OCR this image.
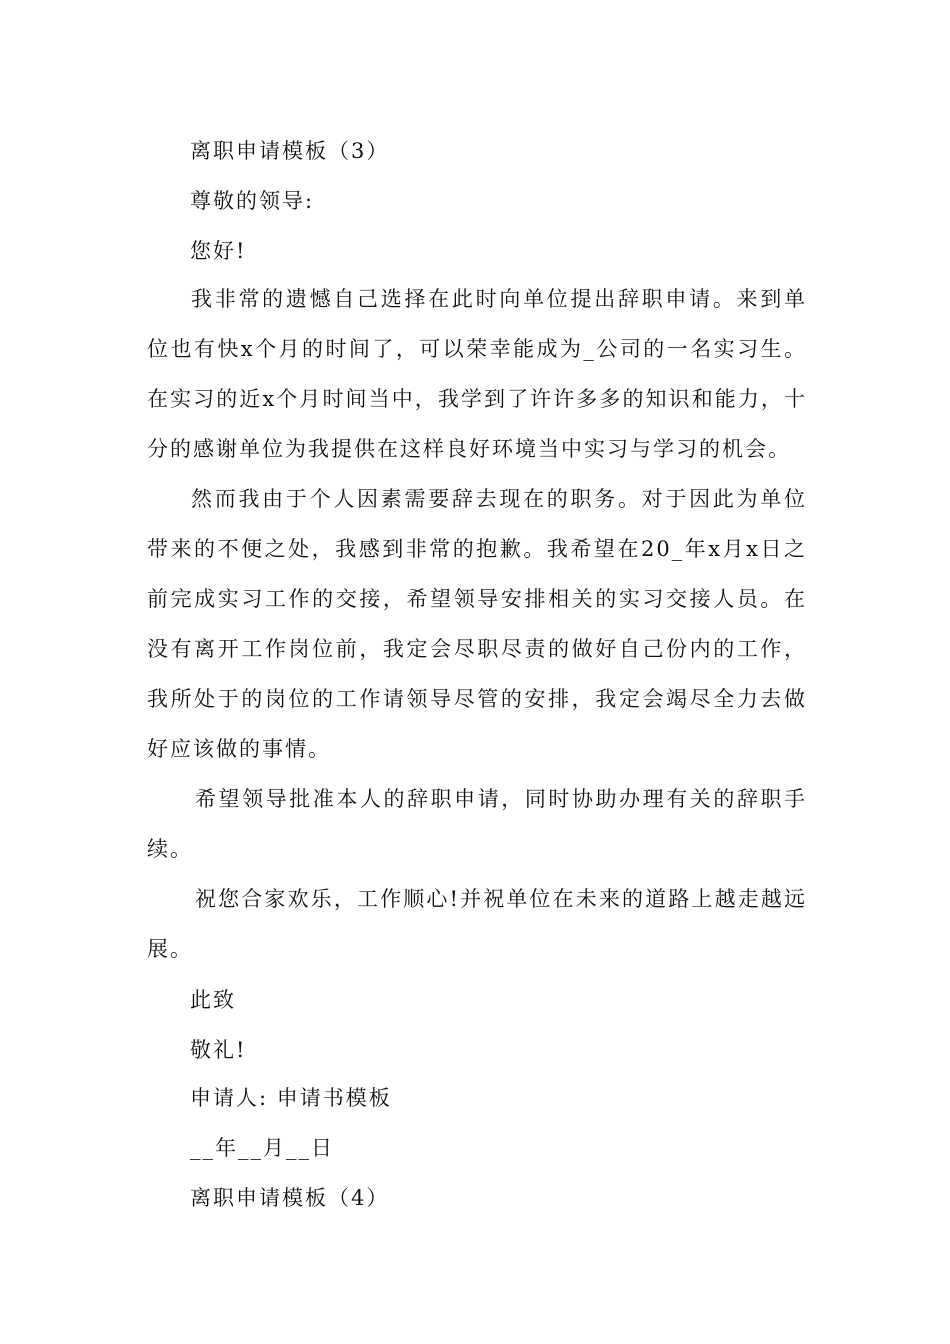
离职申请模板（3）
尊敬的领导:
您好!
我非常的遗憾自己选择在此时向单位提出辞职申请。来到单位也有快x个月的时间了，可以荣幸能成为_公司的一名实习生。在实习的近x个月时间当中，我学到了许许多多的知识和能力，十分的感谢单位为我提供在这样良好环境当中实习与学习的机会。
然而我由于个人因素需要辞去现在的职务。对于因此为单位带来的不便之处，我感到非常的抱歉。我希望在20_年x月x日之前完成实习工作的交接，希望领导安排相关的实习交接人员。在没有离开工作岗位前，我定会尽职尽责的做好自己份内的工作，我所处于的岗位的工作请领导尽管的安排，我定会竭尽全力去做好应该做的事情。
希望领导批准本人的辞职申请，同时协助办理有关的辞职手续。
祝您合家欢乐，工作顺心!并祝单位在未来的道路上越走越远展。
此致
敬礼!
申请人: 申请书模板
__年__月__日
离职申请模板（4）
